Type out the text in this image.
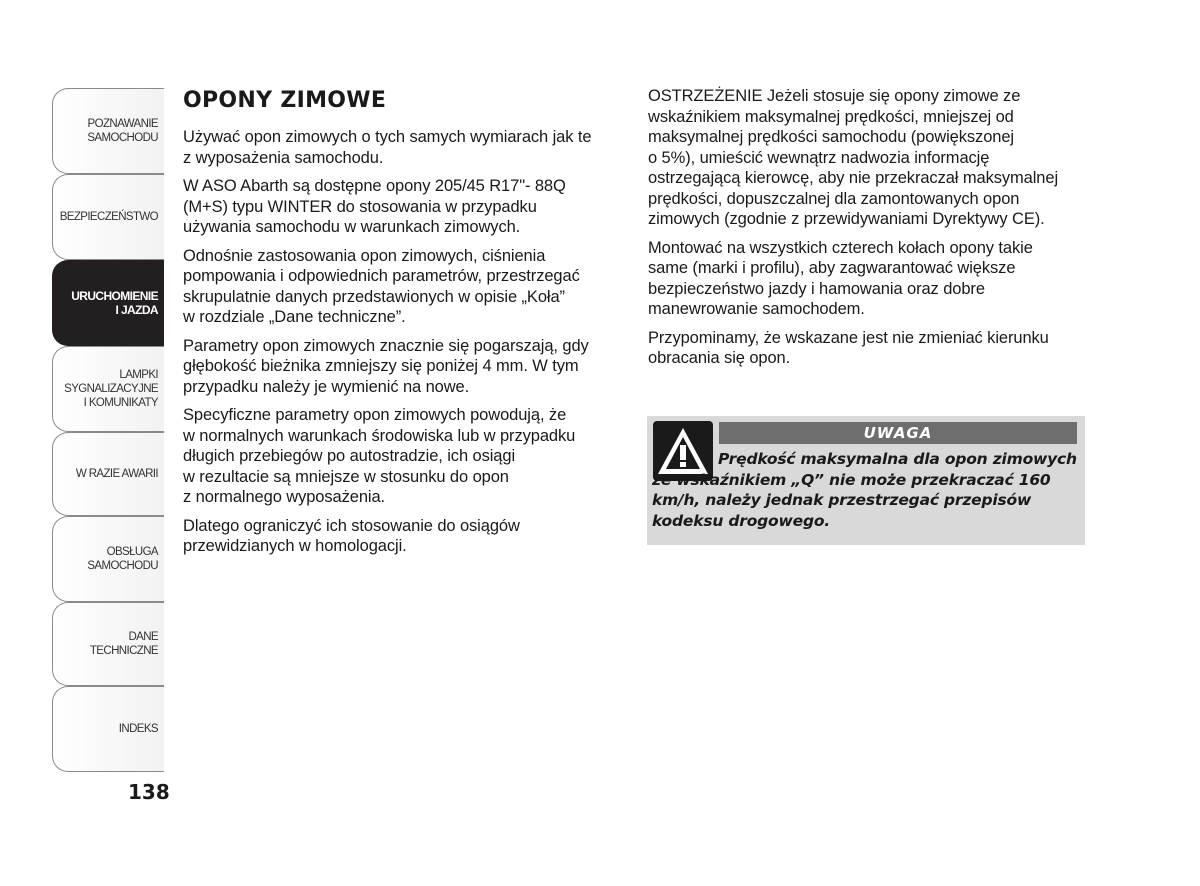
POZNAWANIE
SAMOCHODU
BEZPIECZEŃSTWO
URUCHOMIENIE
I JAZDA
LAMPKI
SYGNALIZACYJNE
I KOMUNIKATY
W RAZIE AWARII
OBSŁUGA
SAMOCHODU
DANE
TECHNICZNE
INDEKS
138
OPONY ZIMOWE

Używać opon zimowych o tych samych wymiarach jak te
z wyposażenia samochodu.

W ASO Abarth są dostępne opony 205/45 R17"- 88Q
(M+S) typu WINTER do stosowania w przypadku
używania samochodu w warunkach zimowych.

Odnośnie zastosowania opon zimowych, ciśnienia
pompowania i odpowiednich parametrów, przestrzegać
skrupulatnie danych przedstawionych w opisie „Koła”
w rozdziale „Dane techniczne”.

Parametry opon zimowych znacznie się pogarszają, gdy
głębokość bieżnika zmniejszy się poniżej 4 mm. W tym
przypadku należy je wymienić na nowe.

Specyficzne parametry opon zimowych powodują, że
w normalnych warunkach środowiska lub w przypadku
długich przebiegów po autostradzie, ich osiągi
w rezultacie są mniejsze w stosunku do opon
z normalnego wyposażenia.

Dlatego ograniczyć ich stosowanie do osiągów
przewidzianych w homologacji.

OSTRZEŻENIE Jeżeli stosuje się opony zimowe ze
wskaźnikiem maksymalnej prędkości, mniejszej od
maksymalnej prędkości samochodu (powiększonej
o 5%), umieścić wewnątrz nadwozia informację
ostrzegającą kierowcę, aby nie przekraczał maksymalnej
prędkości, dopuszczalnej dla zamontowanych opon
zimowych (zgodnie z przewidywaniami Dyrektywy CE).

Montować na wszystkich czterech kołach opony takie
same (marki i profilu), aby zagwarantować większe
bezpieczeństwo jazdy i hamowania oraz dobre
manewrowanie samochodem.

Przypominamy, że wskazane jest nie zmieniać kierunku
obracania się opon.

UWAGA
Prędkość maksymalna dla opon zimowych ze wskaźnikiem „Q” nie może przekraczać 160 km/h, należy jednak przestrzegać przepisów kodeksu drogowego.
